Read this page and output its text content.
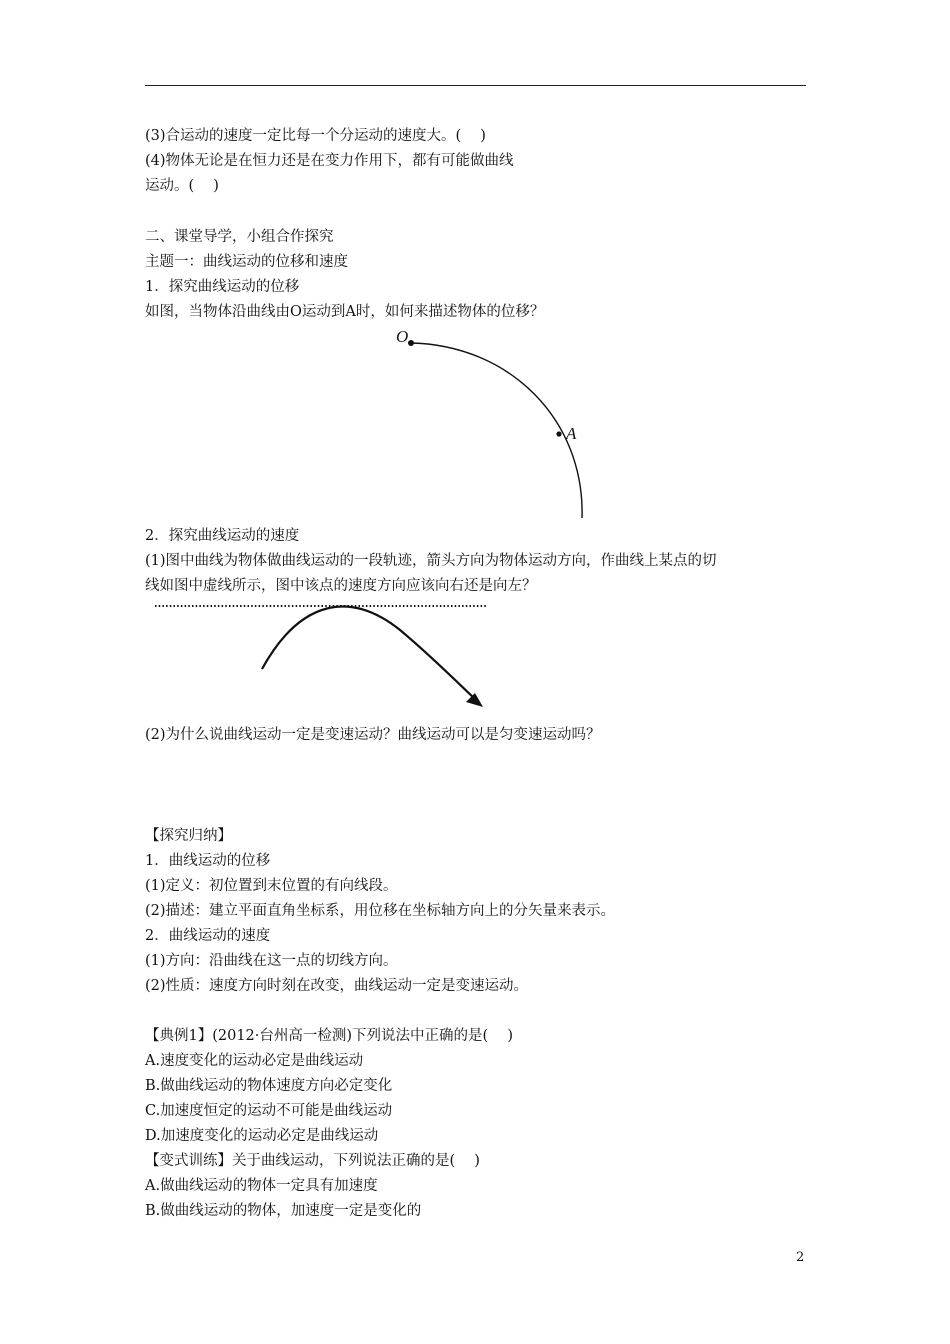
(3)合运动的速度一定比每一个分运动的速度大。(　 )
(4)物体无论是在恒力还是在变力作用下，都有可能做曲线
运动。(　 )
二、课堂导学，小组合作探究
主题一：曲线运动的位移和速度
1．探究曲线运动的位移
如图，当物体沿曲线由O运动到A时，如何来描述物体的位移？
O
A
2．探究曲线运动的速度
(1)图中曲线为物体做曲线运动的一段轨迹，箭头方向为物体运动方向，作曲线上某点的切
线如图中虚线所示，图中该点的速度方向应该向右还是向左？
(2)为什么说曲线运动一定是变速运动？曲线运动可以是匀变速运动吗？
【探究归纳】
1．曲线运动的位移
(1)定义：初位置到末位置的有向线段。
(2)描述：建立平面直角坐标系，用位移在坐标轴方向上的分矢量来表示。
2．曲线运动的速度
(1)方向：沿曲线在这一点的切线方向。
(2)性质：速度方向时刻在改变，曲线运动一定是变速运动。
【典例1】(2012·台州高一检测)下列说法中正确的是(　 )
A.速度变化的运动必定是曲线运动
B.做曲线运动的物体速度方向必定变化
C.加速度恒定的运动不可能是曲线运动
D.加速度变化的运动必定是曲线运动
【变式训练】关于曲线运动，下列说法正确的是(　 )
A.做曲线运动的物体一定具有加速度
B.做曲线运动的物体，加速度一定是变化的
2
